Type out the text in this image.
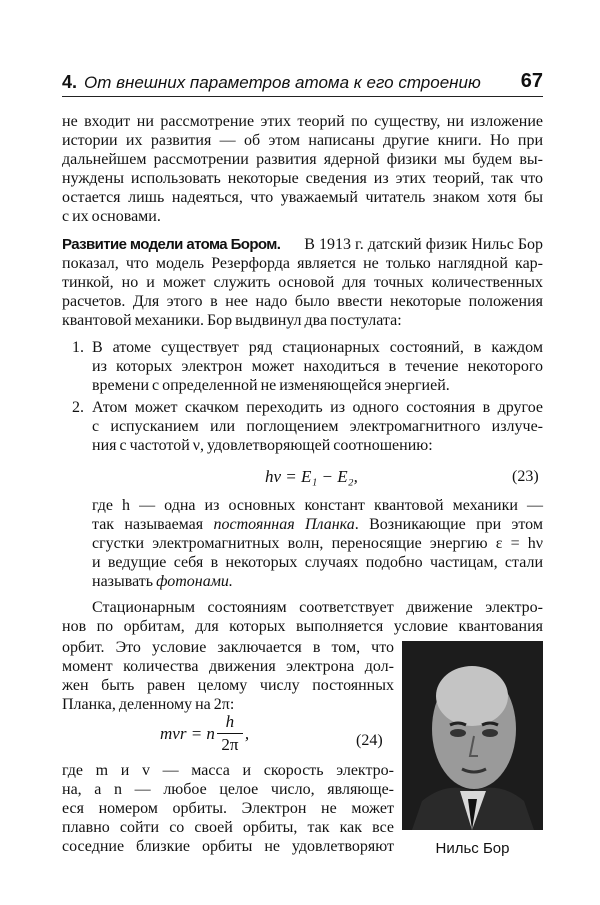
4. От внешних параметров атома к его строению 67
не входит ни рассмотрение этих теорий по существу, ни изложение
истории их развития — об этом написаны другие книги. Но при
дальнейшем рассмотрении развития ядерной физики мы будем вы-
нуждены использовать некоторые сведения из этих теорий, так что
остается лишь надеяться, что уважаемый читатель знаком хотя бы
с их основами.
Развитие модели атома Бором. В 1913 г. датский физик Нильс Бор
показал, что модель Резерфорда является не только наглядной кар-
тинкой, но и может служить основой для точных количественных
расчетов. Для этого в нее надо было ввести некоторые положения
квантовой механики. Бор выдвинул два постулата:
1. В атоме существует ряд стационарных состояний, в каждом
из которых электрон может находиться в течение некоторого
времени с определенной не изменяющейся энергией.
2. Атом может скачком переходить из одного состояния в другое
с испусканием или поглощением электромагнитного излуче-
ния с частотой ν, удовлетворяющей соотношению:
hν = E₁ − E₂,	(23)
где h — одна из основных констант квантовой механики —
так называемая постоянная Планка. Возникающие при этом
сгустки электромагнитных волн, переносящие энергию ε = hν
и ведущие себя в некоторых случаях подобно частицам, стали
называть фотонами.
Стационарным состояниям соответствует движение электро-
нов по орбитам, для которых выполняется условие квантования
орбит. Это условие заключается в том, что
момент количества движения электрона дол-
жен быть равен целому числу постоянных
Планка, деленному на 2π:
mvr = n $\frac{h}{2\pi}$ ,	(24)
где m и v — масса и скорость электро-
на, а n — любое целое число, являюще-
еся номером орбиты. Электрон не может
плавно сойти со своей орбиты, так как все
соседние близкие орбиты не удовлетворяют	Нильс Бор
